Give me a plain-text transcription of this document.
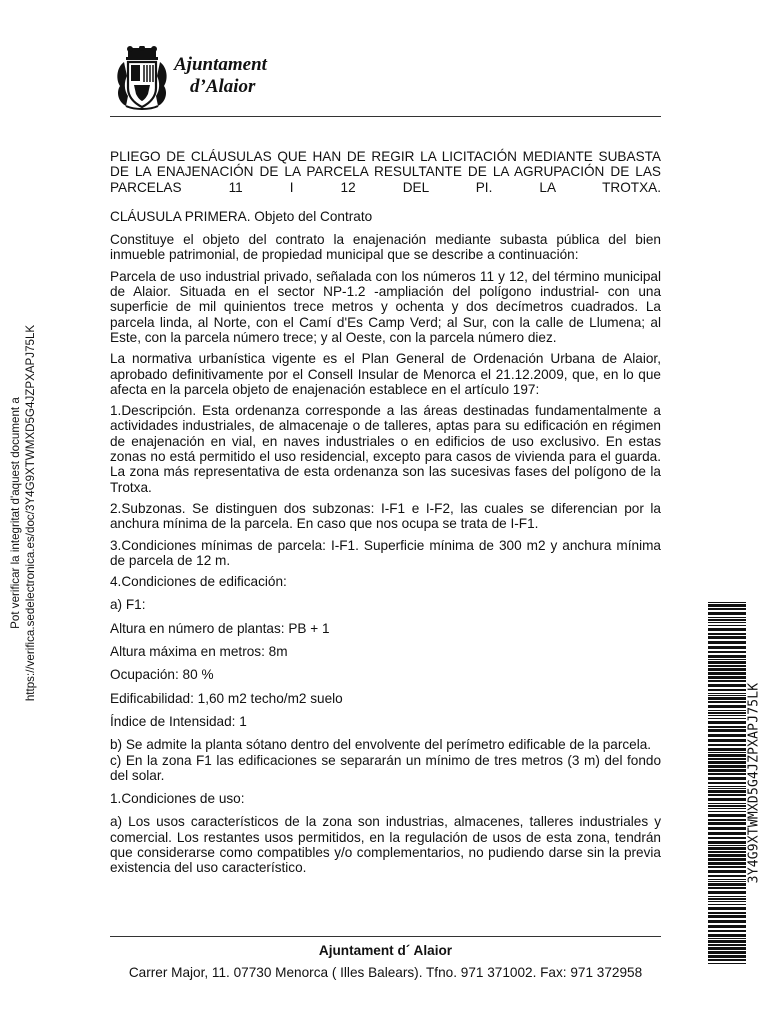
Ajuntament
d’Alaior

PLIEGO DE CLÁUSULAS QUE HAN DE REGIR LA LICITACIÓN MEDIANTE SUBASTA DE LA ENAJENACIÓN DE LA PARCELA RESULTANTE DE LA AGRUPACIÓN DE LAS PARCELAS 11 I 12 DEL PI. LA TROTXA.

CLÁUSULA PRIMERA. Objeto del Contrato

Constituye el objeto del contrato la enajenación mediante subasta pública del bien inmueble patrimonial, de propiedad municipal que se describe a continuación:

Parcela de uso industrial privado, señalada con los números 11 y 12, del término municipal de Alaior. Situada en el sector NP-1.2 -ampliación del polígono industrial- con una superficie de mil quinientos trece metros y ochenta y dos decímetros cuadrados. La parcela linda, al Norte, con el Camí d'Es Camp Verd; al Sur, con la calle de Llumena; al Este, con la parcela número trece; y al Oeste, con la parcela número diez.

La normativa urbanística vigente es el Plan General de Ordenación Urbana de Alaior, aprobado definitivamente por el Consell Insular de Menorca el 21.12.2009, que, en lo que afecta en la parcela objeto de enajenación establece en el artículo 197:

1.Descripción. Esta ordenanza corresponde a las áreas destinadas fundamentalmente a actividades industriales, de almacenaje o de talleres, aptas para su edificación en régimen de enajenación en vial, en naves industriales o en edificios de uso exclusivo. En estas zonas no está permitido el uso residencial, excepto para casos de vivienda para el guarda. La zona más representativa de esta ordenanza son las sucesivas fases del polígono de la Trotxa.

2.Subzonas. Se distinguen dos subzonas: I-F1 e I-F2, las cuales se diferencian por la anchura mínima de la parcela. En caso que nos ocupa se trata de I-F1.

3.Condiciones mínimas de parcela: I-F1. Superficie mínima de 300 m2 y anchura mínima de parcela de 12 m.

4.Condiciones de edificación:

a) F1:

Altura en número de plantas: PB + 1

Altura máxima en metros: 8m

Ocupación: 80 %

Edificabilidad: 1,60 m2 techo/m2 suelo

Índice de Intensidad: 1

b) Se admite la planta sótano dentro del envolvente del perímetro edificable de la parcela.

c) En la zona F1 las edificaciones se separarán un mínimo de tres metros (3 m) del fondo del solar.

1.Condiciones de uso:

a) Los usos característicos de la zona son industrias, almacenes, talleres industriales y comercial. Los restantes usos permitidos, en la regulación de usos de esta zona, tendrán que considerarse como compatibles y/o complementarios, no pudiendo darse sin la previa existencia del uso característico.

Ajuntament d´ Alaior
Carrer Major, 11. 07730 Menorca ( Illes Balears). Tfno. 971 371002. Fax: 971 372958
Pot verificar la integritat d'aquest document a https://verifica.sedelectronica.es/doc/3Y4G9XTWMXD5G4JZPXAPJ75LK
3Y4G9XTWMXD5G4JZPXAPJ75LK
